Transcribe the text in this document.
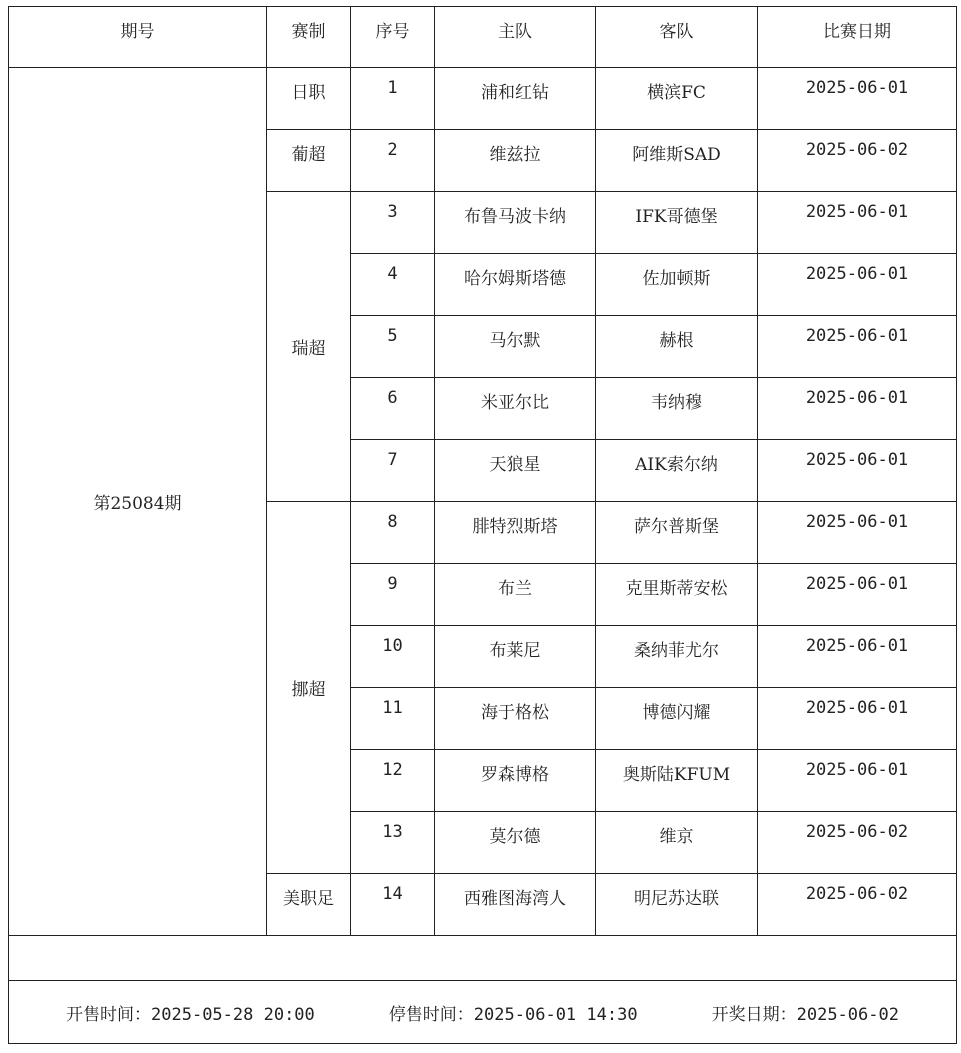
期号	赛制	序号	主队	客队	比赛日期
第25084期	日职	1	浦和红钻	横滨FC	2025-06-01
	葡超	2	维兹拉	阿维斯SAD	2025-06-02
	瑞超	3	布鲁马波卡纳	IFK哥德堡	2025-06-01
		4	哈尔姆斯塔德	佐加顿斯	2025-06-01
		5	马尔默	赫根	2025-06-01
		6	米亚尔比	韦纳穆	2025-06-01
		7	天狼星	AIK索尔纳	2025-06-01
	挪超	8	腓特烈斯塔	萨尔普斯堡	2025-06-01
		9	布兰	克里斯蒂安松	2025-06-01
		10	布莱尼	桑纳菲尤尔	2025-06-01
		11	海于格松	博德闪耀	2025-06-01
		12	罗森博格	奥斯陆KFUM	2025-06-01
		13	莫尔德	维京	2025-06-02
	美职足	14	西雅图海湾人	明尼苏达联	2025-06-02

开售时间：2025-05-28 20:00 停售时间：2025-06-01 14:30 开奖日期：2025-06-02					
